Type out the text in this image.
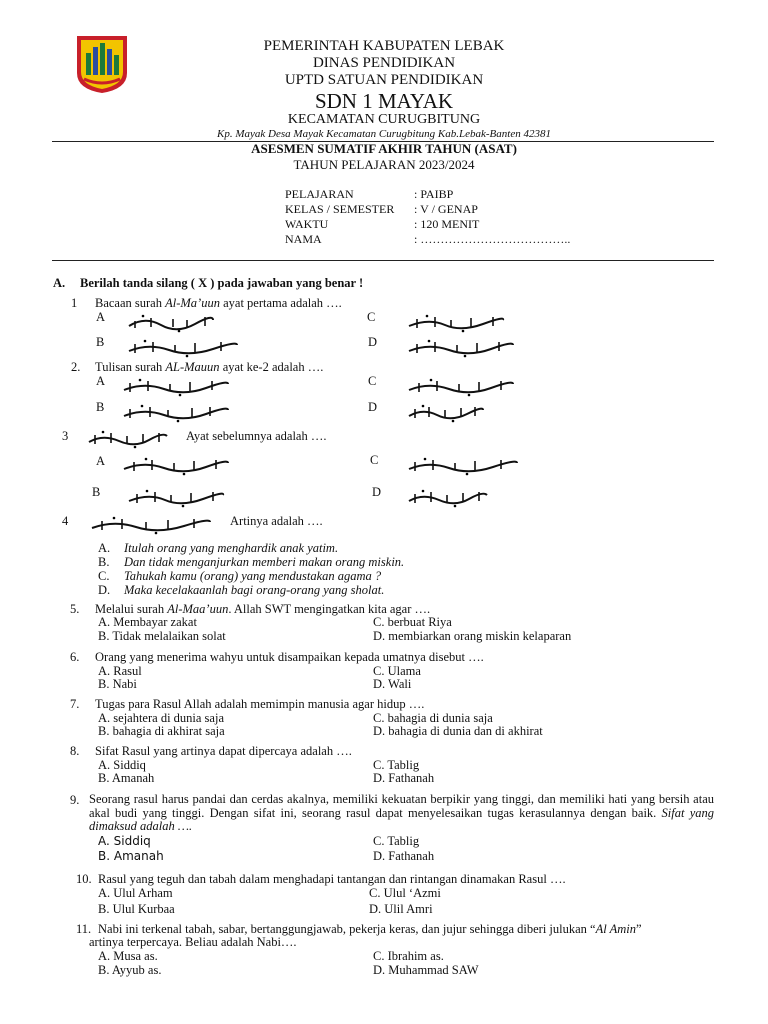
PEMERINTAH KABUPATEN LEBAK
DINAS PENDIDIKAN
UPTD SATUAN PENDIDIKAN
SDN 1 MAYAK
KECAMATAN CURUGBITUNG
Kp. Mayak Desa Mayak Kecamatan Curugbitung Kab.Lebak-Banten 42381
ASESMEN SUMATIF AKHIR TAHUN (ASAT)
TAHUN PELAJARAN 2023/2024
PELAJARAN	: PAIBP
KELAS / SEMESTER : V / GENAP
WAKTU	: 120 MENIT
NAMA	: ………………………………..
A. Berilah tanda silang ( X ) pada jawaban yang benar !
1 Bacaan surah Al-Ma’uun ayat pertama adalah ….
A	C
B	D
2. Tulisan surah AL-Mauun ayat ke-2 adalah ….
A	C
B	D
3	Ayat sebelumnya adalah ….
A	C
B	D
4	Artinya adalah ….
A. Itulah orang yang menghardik anak yatim.
B. Dan tidak menganjurkan memberi makan orang miskin.
C. Tahukah kamu (orang) yang mendustakan agama ?
D. Maka kecelakaanlah bagi orang-orang yang sholat.
5. Melalui surah Al-Maa’uun. Allah SWT mengingatkan kita agar ….
A. Membayar zakat	C. berbuat Riya
B. Tidak melalaikan solat	D. membiarkan orang miskin kelaparan
6. Orang yang menerima wahyu untuk disampaikan kepada umatnya disebut ….
A. Rasul	C. Ulama
B. Nabi	D. Wali
7. Tugas para Rasul Allah adalah memimpin manusia agar hidup ….
A. sejahtera di dunia saja	C. bahagia di dunia saja
B. bahagia di akhirat saja	D. bahagia di dunia dan di akhirat
8. Sifat Rasul yang artinya dapat dipercaya adalah ….
A. Siddiq	C. Tablig
B. Amanah	D. Fathanah
9. Seorang rasul harus pandai dan cerdas akalnya, memiliki kekuatan berpikir yang tinggi, dan memiliki hati yang bersih atau akal budi yang tinggi. Dengan sifat ini, seorang rasul dapat menyelesaikan tugas kerasulannya dengan baik. Sifat yang dimaksud adalah ….
A. Siddiq	C. Tablig
B. Amanah	D. Fathanah
10. Rasul yang teguh dan tabah dalam menghadapi tantangan dan rintangan dinamakan Rasul ….
A. Ulul Arham	C. Ulul ‘Azmi
B. Ulul Kurbaa	D. Ulil Amri
11. Nabi ini terkenal tabah, sabar, bertanggungjawab, pekerja keras, dan jujur sehingga diberi julukan “Al Amin”
artinya terpercaya. Beliau adalah Nabi….
A. Musa as.	C. Ibrahim as.
B. Ayyub as.	D. Muhammad SAW
